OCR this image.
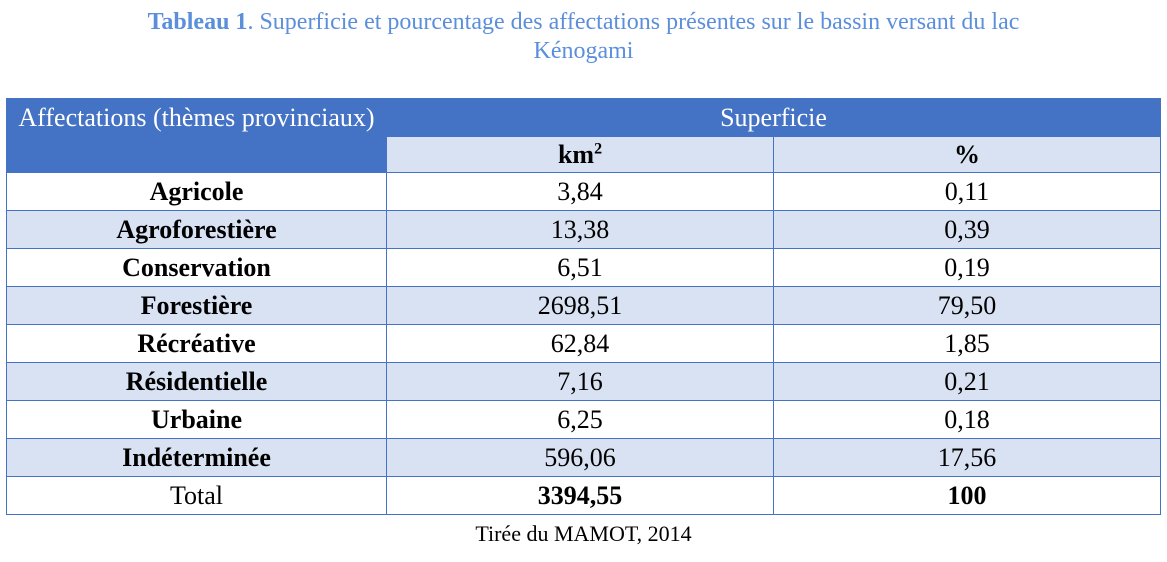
Tableau 1. Superficie et pourcentage des affectations présentes sur le bassin versant du lac
Kénogami
Affectations (thèmes provinciaux)	Superficie	
	$km^2$	%
Agricole	3,84	0,11
Agroforestière	13,38	0,39
Conservation	6,51	0,19
Forestière	2698,51	79,50
Récréative	62,84	1,85
Résidentielle	7,16	0,21
Urbaine	6,25	0,18
Indéterminée	596,06	17,56
Total	3394,55	100
Tirée du MAMOT, 2014
